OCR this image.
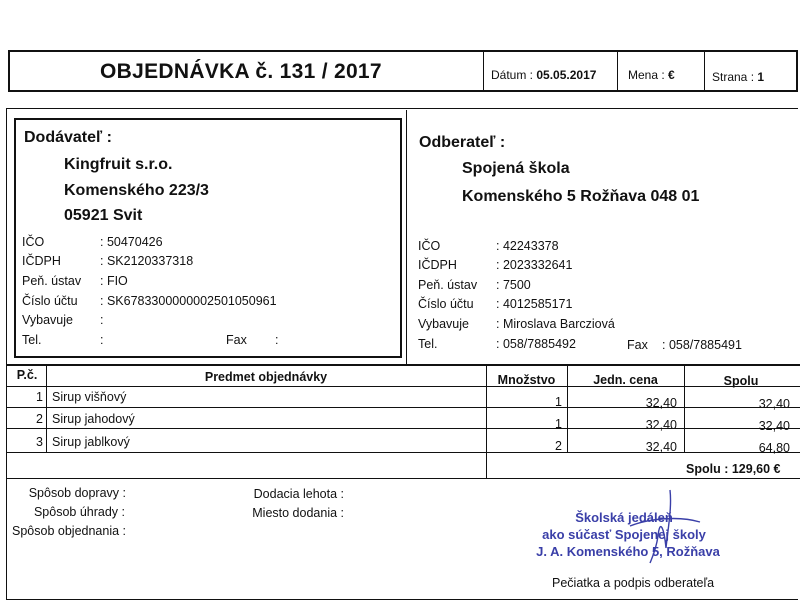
OBJEDNÁVKA č. 131 / 2017	Dátum : 05.05.2017	Mena : €	Strana : 1
Dodávateľ :
Kingfruit s.r.o.
Komenského 223/3
05921 Svit
IČO	: 50470426
IČDPH	: SK2120337318
Peň. ústav : FIO
Číslo účtu : SK6783300000002501050961
Vybavuje :
Tel.	:	Fax :
Odberateľ :
Spojená škola
Komenského 5 Rožňava 048 01
IČO	: 42243378
IČDPH	: 2023332641
Peň. ústav : 7500
Číslo účtu : 4012585171
Vybavuje : Miroslava Barcziová
Tel.	: 058/7885492	Fax : 058/7885491
P.č.	Predmet objednávky	Množstvo	Jedn. cena	Spolu
1 Sirup višňový	1	32,40	32,40
2 Sirup jahodový	1	32,40	32,40
3 Sirup jablkový	2	32,40	64,80
Spolu : 129,60 €
Spôsob dopravy :
Spôsob úhrady :
Spôsob objednania :
Dodacia lehota :
Miesto dodania :	Školská jedáleň
ako súčasť Spojenej školy
J. A. Komenského 5, Rožňava
Pečiatka a podpis odberateľa
